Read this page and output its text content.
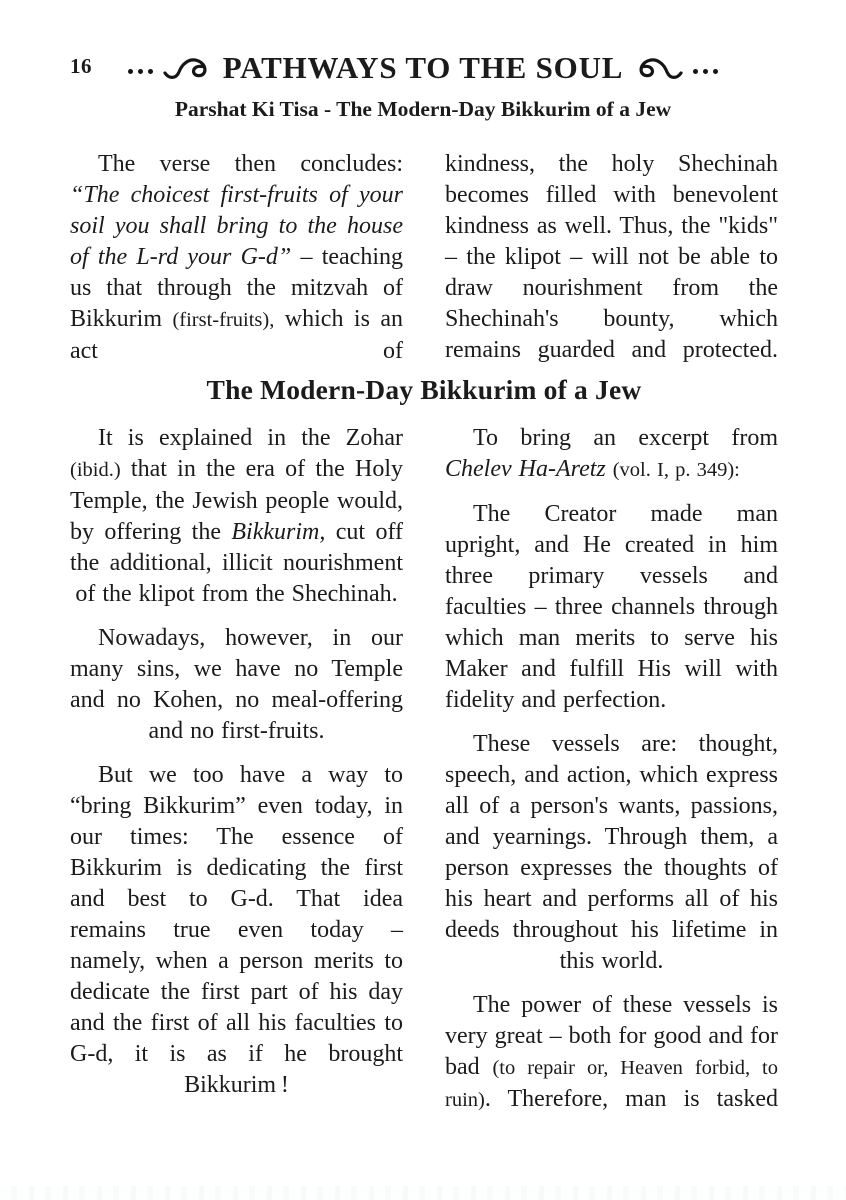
16	PATHWAYS TO THE SOUL
Parshat Ki Tisa - The Modern-Day Bikkurim of a Jew

The verse then concludes: “The choicest first-fruits of your soil you shall bring to the house of the L-rd your G-d” – teaching us that through the mitzvah of Bikkurim (first-fruits), which is an act of

kindness, the holy Shechinah becomes filled with benevolent kindness as well. Thus, the "kids" – the klipot – will not be able to draw nourishment from the Shechinah's bounty, which remains guarded and protected.

The Modern-Day Bikkurim of a Jew

It is explained in the Zohar (ibid.) that in the era of the Holy Temple, the Jewish people would, by offering the Bikkurim, cut off the additional, illicit nourishment of the klipot from the Shechinah.

Nowadays, however, in our many sins, we have no Temple and no Kohen, no meal-offering and no first-fruits.

But we too have a way to “bring Bikkurim” even today, in our times: The essence of Bikkurim is dedicating the first and best to G-d. That idea remains true even today – namely, when a person merits to dedicate the first part of his day and the first of all his faculties to G-d, it is as if he brought Bikkurim !

To bring an excerpt from Chelev Ha-Aretz (vol. I, p. 349):

The Creator made man upright, and He created in him three primary vessels and faculties – three channels through which man merits to serve his Maker and fulfill His will with fidelity and perfection.

These vessels are: thought, speech, and action, which express all of a person's wants, passions, and yearnings. Through them, a person expresses the thoughts of his heart and performs all of his deeds throughout his lifetime in this world.

The power of these vessels is very great – both for good and for bad (to repair or, Heaven forbid, to ruin). Therefore, man is tasked
